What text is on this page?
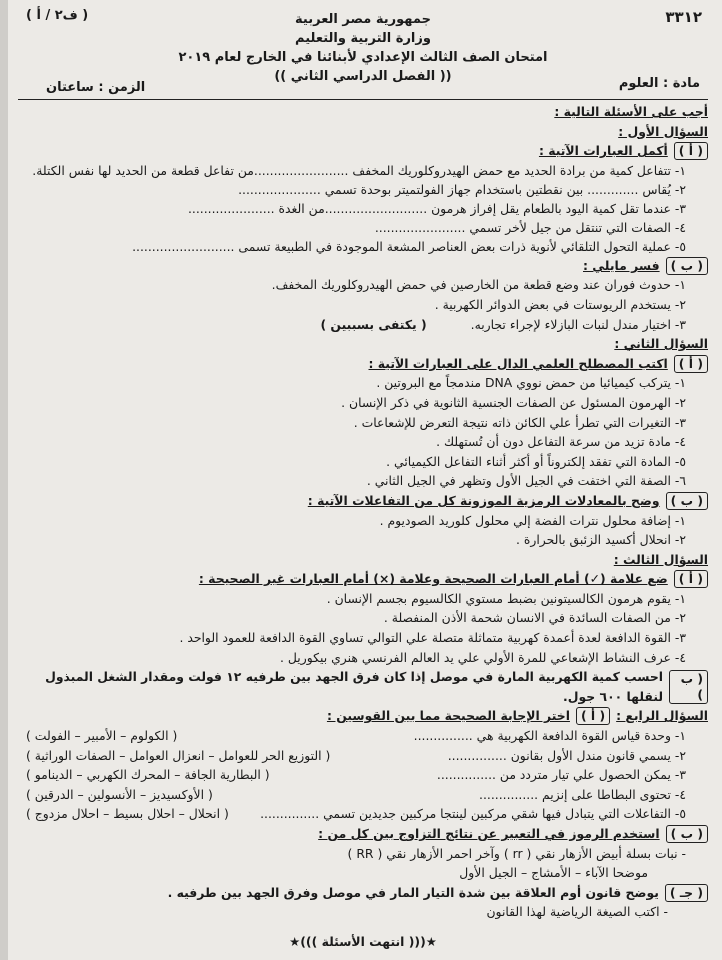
٣٣١٢
( ف٢ / أ )	جمهورية مصر العربية
وزارة التربية والتعليم
امتحان الصف الثالث الإعدادي لأبنائنا في الخارج لعام ٢٠١٩
(( الفصل الدراسي الثاني ))	مادة : العلوم
الزمن : ساعتان
أجب على الأسئلة التالية :
السؤال الأول :
( أ )
أكمل العبارات الآتية :
١- تتفاعل كمية من برادة الحديد مع حمض الهيدروكلوريك المخفف ........................من تفاعل قطعة من الحديد لها نفس الكتلة.
٢- يُقاس ............. بين نقطتين باستخدام جهاز الفولتميتر بوحدة تسمي .....................
٣- عندما تقل كمية اليود بالطعام يقل إفراز هرمون ..........................من الغدة ......................
٤- الصفات التي تنتقل من جيل لأخر تسمي .......................
٥- عملية التحول التلقائي لأنوية ذرات بعض العناصر المشعة الموجودة في الطبيعة تسمى ..........................
( ب )
فسر مايلي :
١- حدوث فوران عند وضع قطعة من الخارصين في حمض الهيدروكلوريك المخفف.
٢- يستخدم الريوستات في بعض الدوائر الكهربية .
٣- اختيار مندل لنبات البازلاء لإجراء تجاربه. ( يكتفى بسببين )
السؤال الثاني :
( أ )
اكتب المصطلح العلمي الدال على العبارات الآتية :
١- يتركب كيميائيا من حمض نووي DNA مندمجاً مع البروتين .
٢- الهرمون المسئول عن الصفات الجنسية الثانوية في ذكر الإنسان .
٣- التغيرات التي تطرأ علي الكائن ذاته نتيجة التعرض للإشعاعات .
٤- مادة تزيد من سرعة التفاعل دون أن تُستهلك .
٥- المادة التي تفقد إلكتروناً أو أكثر أثناء التفاعل الكيميائي .
٦- الصفة التي اختفت في الجيل الأول وتظهر في الجيل الثاني .
( ب )
وضح بالمعادلات الرمزية الموزونة كل من التفاعلات الآتية :
١- إضافة محلول نترات الفضة إلي محلول كلوريد الصوديوم .
٢- انحلال أكسيد الزئبق بالحرارة .
السؤال الثالث :
( أ )
ضع علامة (✓) أمام العبارات الصحيحة وعلامة (×) أمام العبارات غير الصحيحة :
١- يقوم هرمون الكالسيتونين بضبط مستوي الكالسيوم بجسم الإنسان .
٢- من الصفات السائدة في الانسان شحمة الأذن المنفصلة .
٣- القوة الدافعة لعدة أعمدة كهربية متماثلة متصلة علي التوالي تساوي القوة الدافعة للعمود الواحد .
٤- عرف النشاط الإشعاعي للمرة الأولي علي يد العالم الفرنسي هنري بيكوريل .
( ب )
احسب كمية الكهربية المارة في موصل إذا كان فرق الجهد بين طرفيه ١٢ فولت ومقدار الشغل المبذول لنقلها ٦٠٠ جول.
السؤال الرابع :
( أ )
اختر الإجابة الصحيحة مما بين القوسين :
١- وحدة قياس القوة الدافعة الكهربية هي ...............
( الكولوم – الأمبير – الفولت )
٢- يسمي قانون مندل الأول بقانون ...............
( التوزيع الحر للعوامل – انعزال العوامل – الصفات الوراثية )
٣- يمكن الحصول علي تيار متردد من ...............
( البطارية الجافة – المحرك الكهربي – الدينامو )
٤- تحتوى البطاطا على إنزيم ...............
( الأوكسيديز – الأنسولين – الدرقين )
٥- التفاعلات التي يتبادل فيها شقي مركبين لينتجا مركبين جديدين تسمي ...............
( انحلال – احلال بسيط – احلال مزدوج )
( ب )
استخدم الرموز في التعبير عن نتائج التزاوج بين كل من :
- نبات بسلة أبيض الأزهار نقي ( rr ) وآخر احمر الأزهار نقي ( RR )
موضحا الآباء – الأمشاج – الجيل الأول
( جـ )
يوضح قانون أوم العلاقة بين شدة التيار المار في موصل وفرق الجهد بين طرفيه .
- اكتب الصيغة الرياضية لهذا القانون
★((( انتهت الأسئلة )))★
